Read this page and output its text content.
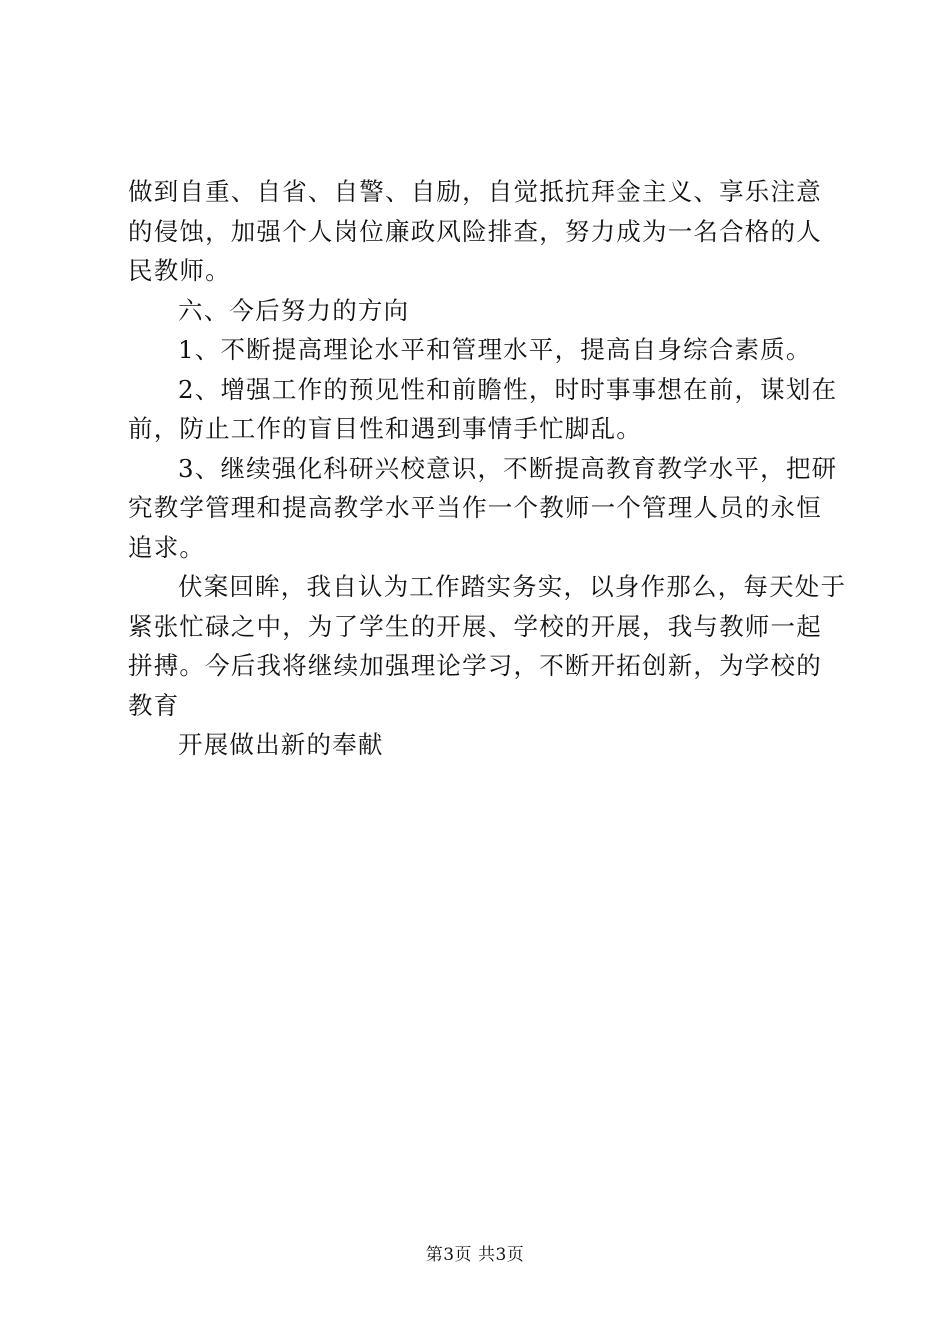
做到自重、自省、自警、自励，自觉抵抗拜金主义、享乐注意
的侵蚀，加强个人岗位廉政风险排查，努力成为一名合格的人
民教师。
六、今后努力的方向
1、不断提高理论水平和管理水平，提高自身综合素质。
2、增强工作的预见性和前瞻性，时时事事想在前，谋划在
前，防止工作的盲目性和遇到事情手忙脚乱。
3、继续强化科研兴校意识，不断提高教育教学水平，把研
究教学管理和提高教学水平当作一个教师一个管理人员的永恒
追求。
伏案回眸，我自认为工作踏实务实，以身作那么，每天处于
紧张忙碌之中，为了学生的开展、学校的开展，我与教师一起
拼搏。今后我将继续加强理论学习，不断开拓创新，为学校的
教育
开展做出新的奉献
第3页 共3页
